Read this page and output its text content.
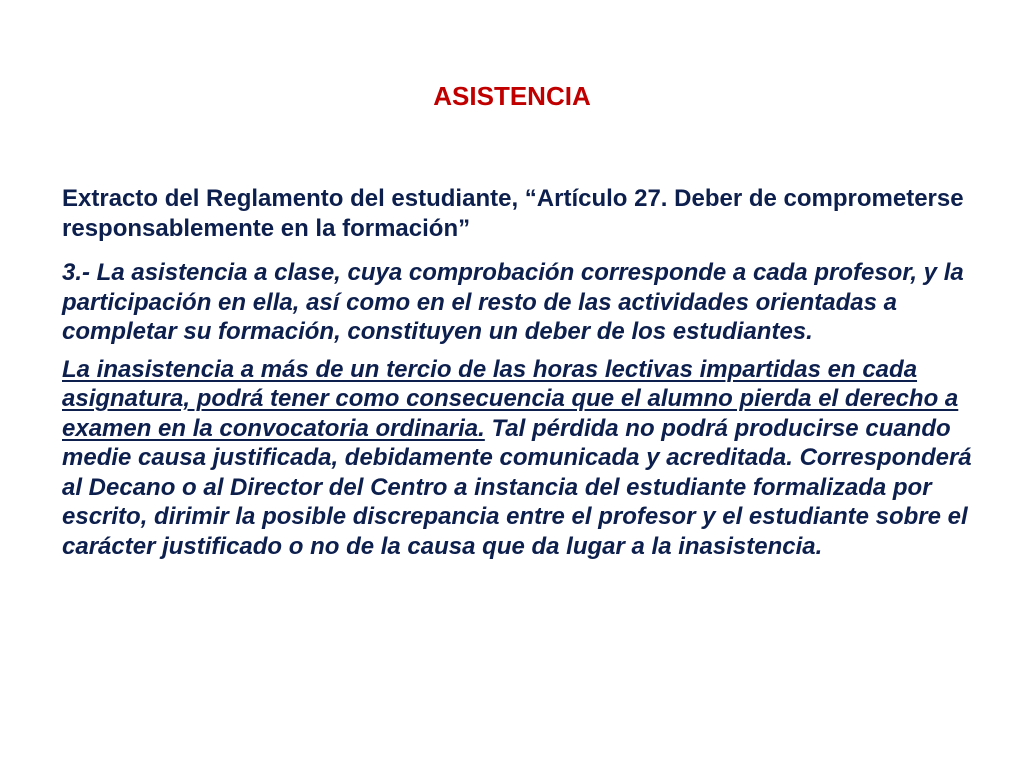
ASISTENCIA

Extracto del Reglamento del estudiante, “Artículo 27. Deber de comprometerse responsablemente en la formación”

3.- La asistencia a clase, cuya comprobación corresponde a cada profesor, y la participación en ella, así como en el resto de las actividades orientadas a completar su formación, constituyen un deber de los estudiantes.

La inasistencia a más de un tercio de las horas lectivas impartidas en cada asignatura, podrá tener como consecuencia que el alumno pierda el derecho a examen en la convocatoria ordinaria. Tal pérdida no podrá producirse cuando medie causa justificada, debidamente comunicada y acreditada. Corresponderá al Decano o al Director del Centro a instancia del estudiante formalizada por escrito, dirimir la posible discrepancia entre el profesor y el estudiante sobre el carácter justificado o no de la causa que da lugar a la inasistencia.
